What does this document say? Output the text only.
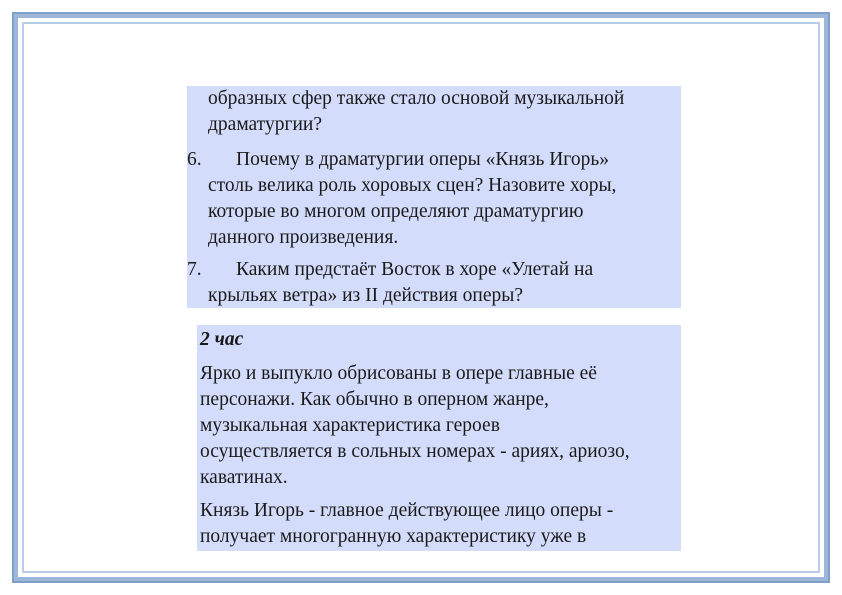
образных сфер также стало основой музыкальной
драматургии?
6. Почему в драматургии оперы «Князь Игорь»
столь велика роль хоровых сцен? Назовите хоры,
которые во многом определяют драматургию
данного произведения.
7. Каким предстаёт Восток в хоре «Улетай на
крыльях ветра» из II действия оперы?
2 час
Ярко и выпукло обрисованы в опере главные её
персонажи. Как обычно в оперном жанре,
музыкальная характеристика героев
осуществляется в сольных номерах - ариях, ариозо,
каватинах.
Князь Игорь - главное действующее лицо оперы -
получает многогранную характеристику уже в
